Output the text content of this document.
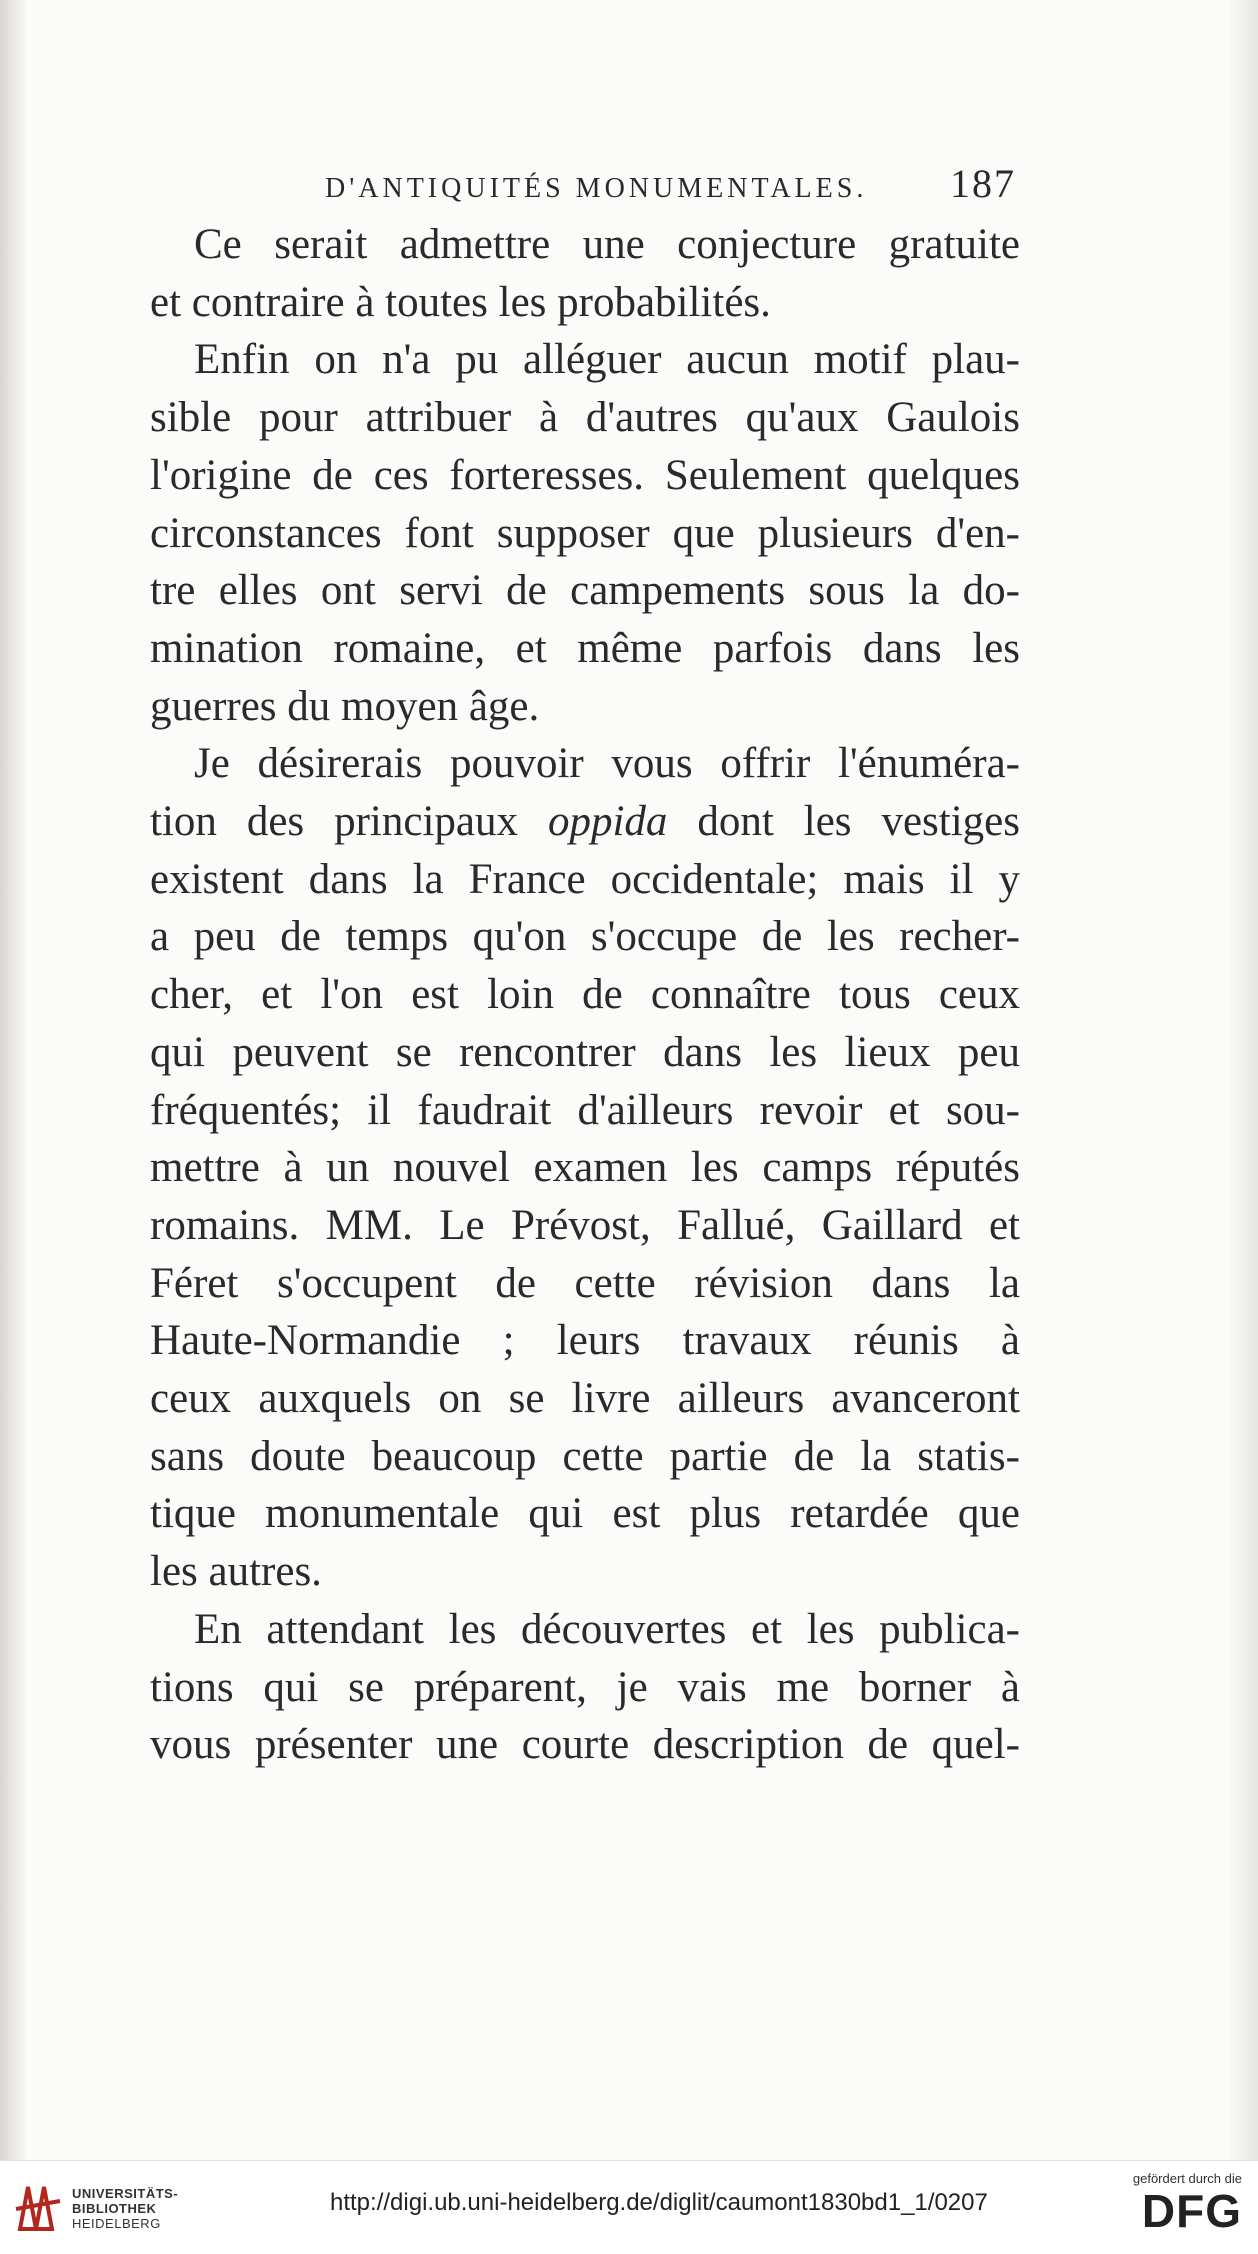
D'ANTIQUITÉS MONUMENTALES. 187

Ce serait admettre une conjecture gratuite
et contraire à toutes les probabilités.

Enfin on n'a pu alléguer aucun motif plau-
sible pour attribuer à d'autres qu'aux Gaulois
l'origine de ces forteresses. Seulement quelques
circonstances font supposer que plusieurs d'en-
tre elles ont servi de campements sous la do-
mination romaine, et même parfois dans les
guerres du moyen âge.

Je désirerais pouvoir vous offrir l'énuméra-
tion des principaux oppida dont les vestiges
existent dans la France occidentale; mais il y
a peu de temps qu'on s'occupe de les recher-
cher, et l'on est loin de connaître tous ceux
qui peuvent se rencontrer dans les lieux peu
fréquentés; il faudrait d'ailleurs revoir et sou-
mettre à un nouvel examen les camps réputés
romains. MM. Le Prévost, Fallué, Gaillard et
Féret s'occupent de cette révision dans la
Haute-Normandie ; leurs travaux réunis à
ceux auxquels on se livre ailleurs avanceront
sans doute beaucoup cette partie de la statis-
tique monumentale qui est plus retardée que
les autres.

En attendant les découvertes et les publica-
tions qui se préparent, je vais me borner à
vous présenter une courte description de quel-

UNIVERSITÄTS-
BIBLIOTHEK
HEIDELBERG
http://digi.ub.uni-heidelberg.de/diglit/caumont1830bd1_1/0207
gefördert durch die
DFG
